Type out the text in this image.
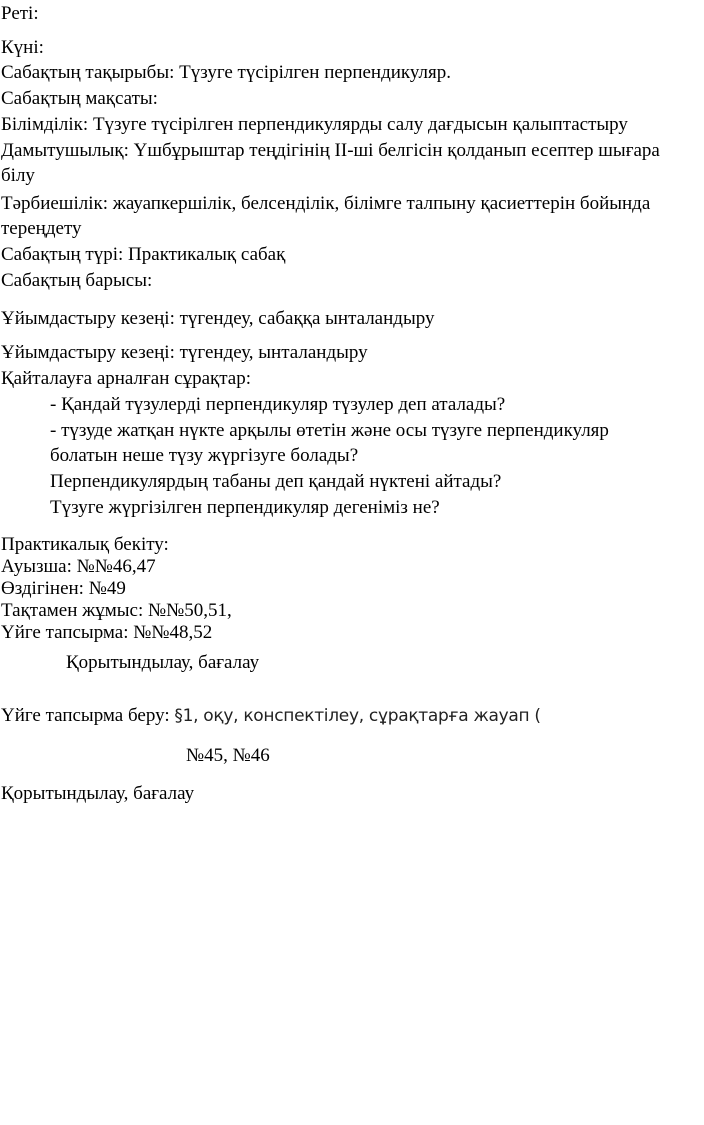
Реті:
Күні:
Сабақтың тақырыбы: Түзуге түсірілген перпендикуляр.
Сабақтың мақсаты:
Білімділік: Түзуге түсірілген перпендикулярды салу дағдысын қалыптастыру
Дамытушылық: Үшбұрыштар теңдігінің ІІ-ші белгісін қолданып есептер шығара
білу
Тәрбиешілік: жауапкершілік, белсенділік, білімге талпыну қасиеттерін бойында
тереңдету
Сабақтың түрі: Практикалық сабақ
Сабақтың барысы:
Ұйымдастыру кезеңі: түгендеу, сабаққа ынталандыру
Ұйымдастыру кезеңі: түгендеу, ынталандыру
Қайталауға арналған сұрақтар:
- Қандай түзулерді перпендикуляр түзулер деп аталады?
- түзуде жатқан нүкте арқылы өтетін және осы түзуге перпендикуляр
болатын неше түзу жүргізуге болады?
Перпендикулярдың табаны деп қандай нүктені айтады?
Түзуге жүргізілген перпендикуляр дегеніміз не?
Практикалық бекіту:
Ауызша: №№46,47
Өздігінен: №49
Тақтамен жұмыс: №№50,51,
Үйге тапсырма: №№48,52
Қорытындылау, бағалау
Үйге тапсырма беру: §1, оқу, конспектілеу, сұрақтарға жауап (
№45, №46
Қорытындылау, бағалау
